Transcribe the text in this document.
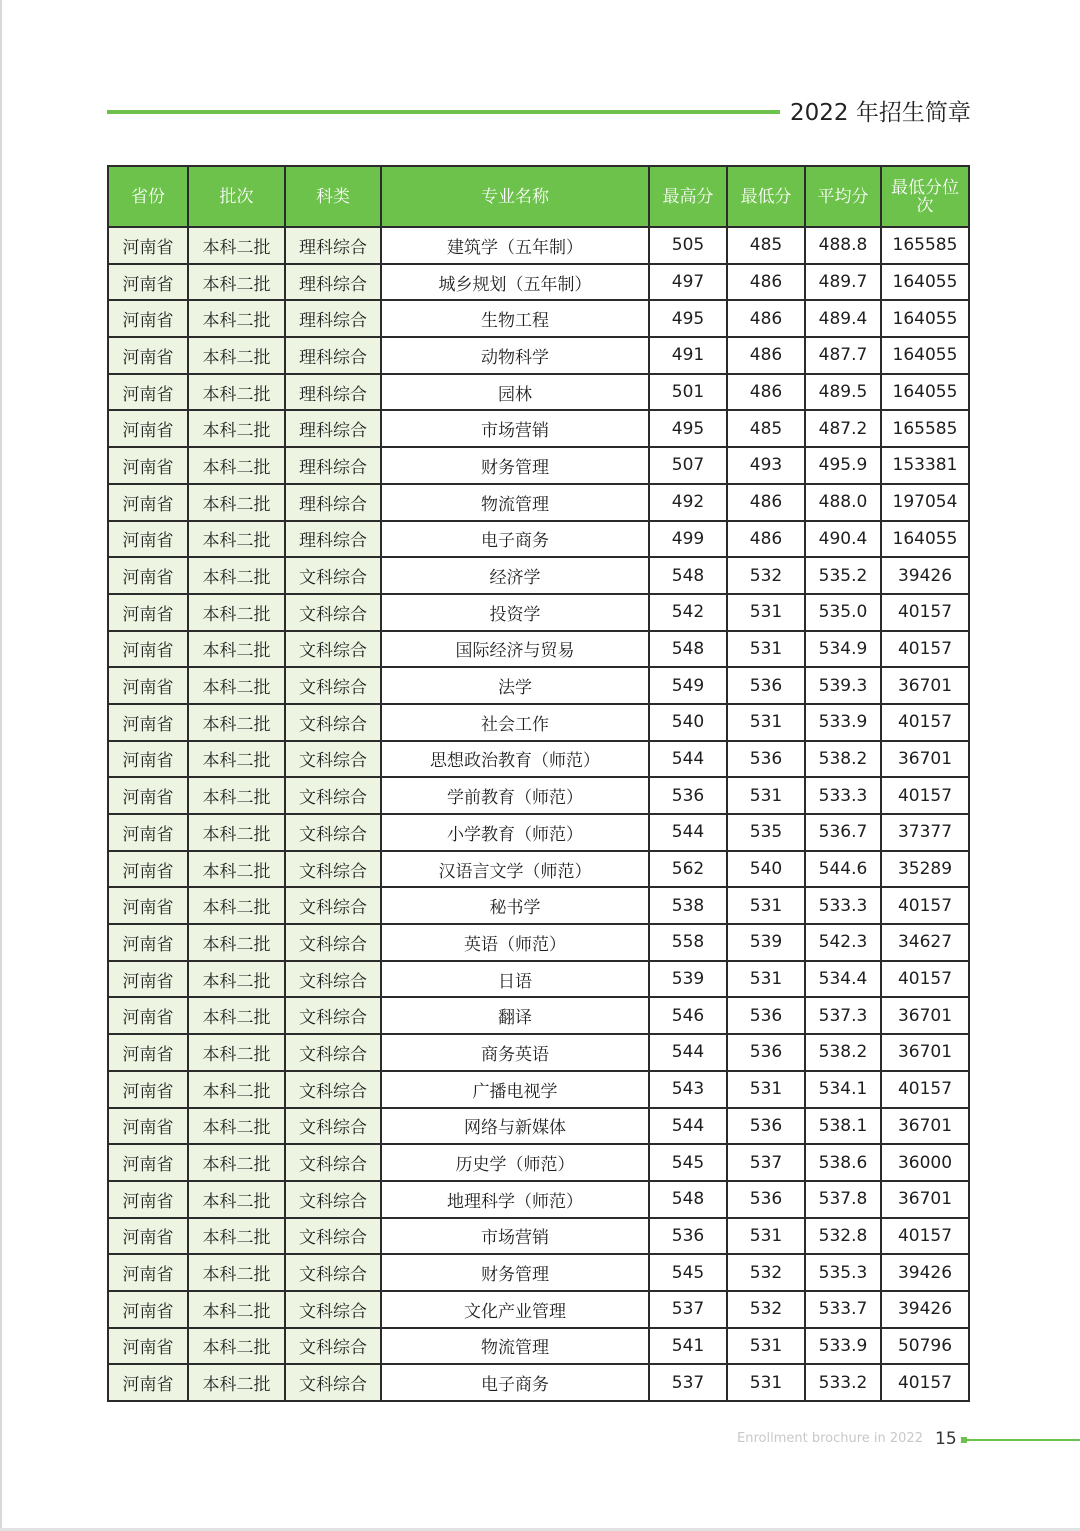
2022 年招生简章
省份	批次	科类	专业名称	最高分	最低分	平均分	最低分位次

河南省	本科二批	理科综合	建筑学（五年制）	505	485	488.8	165585
河南省	本科二批	理科综合	城乡规划（五年制）	497	486	489.7	164055
河南省	本科二批	理科综合	生物工程	495	486	489.4	164055
河南省	本科二批	理科综合	动物科学	491	486	487.7	164055
河南省	本科二批	理科综合	园林	501	486	489.5	164055
河南省	本科二批	理科综合	市场营销	495	485	487.2	165585
河南省	本科二批	理科综合	财务管理	507	493	495.9	153381
河南省	本科二批	理科综合	物流管理	492	486	488.0	197054
河南省	本科二批	理科综合	电子商务	499	486	490.4	164055
河南省	本科二批	文科综合	经济学	548	532	535.2	39426
河南省	本科二批	文科综合	投资学	542	531	535.0	40157
河南省	本科二批	文科综合	国际经济与贸易	548	531	534.9	40157
河南省	本科二批	文科综合	法学	549	536	539.3	36701
河南省	本科二批	文科综合	社会工作	540	531	533.9	40157
河南省	本科二批	文科综合	思想政治教育（师范）	544	536	538.2	36701
河南省	本科二批	文科综合	学前教育（师范）	536	531	533.3	40157
河南省	本科二批	文科综合	小学教育（师范）	544	535	536.7	37377
河南省	本科二批	文科综合	汉语言文学（师范）	562	540	544.6	35289
河南省	本科二批	文科综合	秘书学	538	531	533.3	40157
河南省	本科二批	文科综合	英语（师范）	558	539	542.3	34627
河南省	本科二批	文科综合	日语	539	531	534.4	40157
河南省	本科二批	文科综合	翻译	546	536	537.3	36701
河南省	本科二批	文科综合	商务英语	544	536	538.2	36701
河南省	本科二批	文科综合	广播电视学	543	531	534.1	40157
河南省	本科二批	文科综合	网络与新媒体	544	536	538.1	36701
河南省	本科二批	文科综合	历史学（师范）	545	537	538.6	36000
河南省	本科二批	文科综合	地理科学（师范）	548	536	537.8	36701
河南省	本科二批	文科综合	市场营销	536	531	532.8	40157
河南省	本科二批	文科综合	财务管理	545	532	535.3	39426
河南省	本科二批	文科综合	文化产业管理	537	532	533.7	39426
河南省	本科二批	文科综合	物流管理	541	531	533.9	50796
河南省	本科二批	文科综合	电子商务	537	531	533.2	40157
Enrollment brochure in 2022 15
